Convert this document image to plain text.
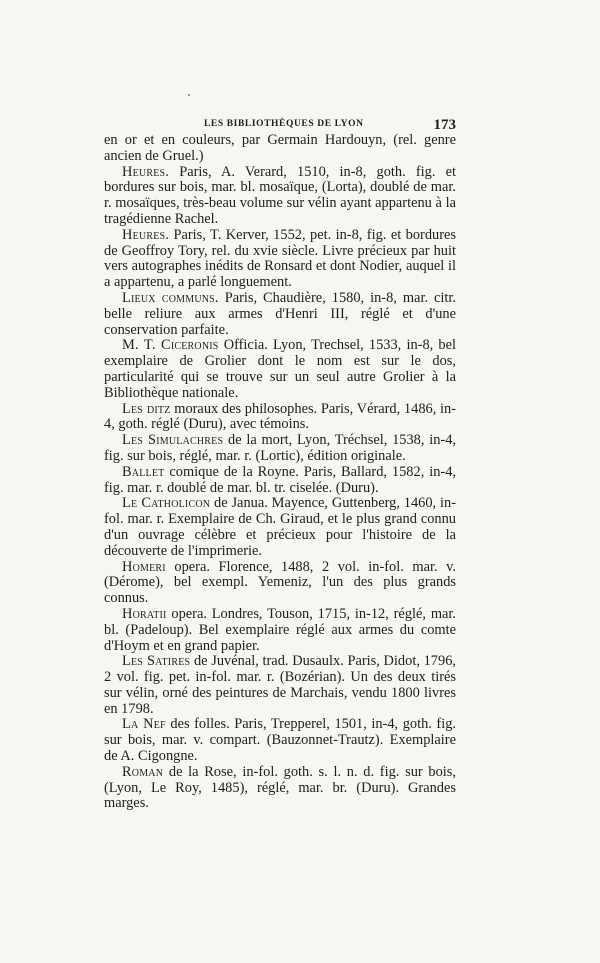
LES BIBLIOTHÈQUES DE LYON	173

en or et en couleurs, par Germain Hardouyn, (rel. genre ancien de Gruel.)

Heures. Paris, A. Verard, 1510, in-8, goth. fig. et bordures sur bois, mar. bl. mosaïque, (Lorta), doublé de mar. r. mosaïques, très-beau volume sur vélin ayant appartenu à la tragédienne Rachel.

Heures. Paris, T. Kerver, 1552, pet. in-8, fig. et bordures de Geoffroy Tory, rel. du xvie siècle. Livre précieux par huit vers autographes inédits de Ronsard et dont Nodier, auquel il a appartenu, a parlé longuement.

Lieux communs. Paris, Chaudière, 1580, in-8, mar. citr. belle reliure aux armes d'Henri III, réglé et d'une conservation parfaite.

M. T. Ciceronis Officia. Lyon, Trechsel, 1533, in-8, bel exemplaire de Grolier dont le nom est sur le dos, particularité qui se trouve sur un seul autre Grolier à la Bibliothèque nationale.

Les ditz moraux des philosophes. Paris, Vérard, 1486, in-4, goth. réglé (Duru), avec témoins.

Les Simulachres de la mort, Lyon, Tréchsel, 1538, in-4, fig. sur bois, réglé, mar. r. (Lortic), édition originale.

Ballet comique de la Royne. Paris, Ballard, 1582, in-4, fig. mar. r. doublé de mar. bl. tr. ciselée. (Duru).

Le Catholicon de Janua. Mayence, Guttenberg, 1460, in-fol. mar. r. Exemplaire de Ch. Giraud, et le plus grand connu d'un ouvrage célèbre et précieux pour l'histoire de la découverte de l'imprimerie.

Homeri opera. Florence, 1488, 2 vol. in-fol. mar. v. (Dérome), bel exempl. Yemeniz, l'un des plus grands connus.

Horatii opera. Londres, Touson, 1715, in-12, réglé, mar. bl. (Padeloup). Bel exemplaire réglé aux armes du comte d'Hoym et en grand papier.

Les Satires de Juvénal, trad. Dusaulx. Paris, Didot, 1796, 2 vol. fig. pet. in-fol. mar. r. (Bozérian). Un des deux tirés sur vélin, orné des peintures de Marchais, vendu 1800 livres en 1798.

La Nef des folles. Paris, Trepperel, 1501, in-4, goth. fig. sur bois, mar. v. compart. (Bauzonnet-Trautz). Exemplaire de A. Cigongne.

Roman de la Rose, in-fol. goth. s. l. n. d. fig. sur bois, (Lyon, Le Roy, 1485), réglé, mar. br. (Duru). Grandes marges.
